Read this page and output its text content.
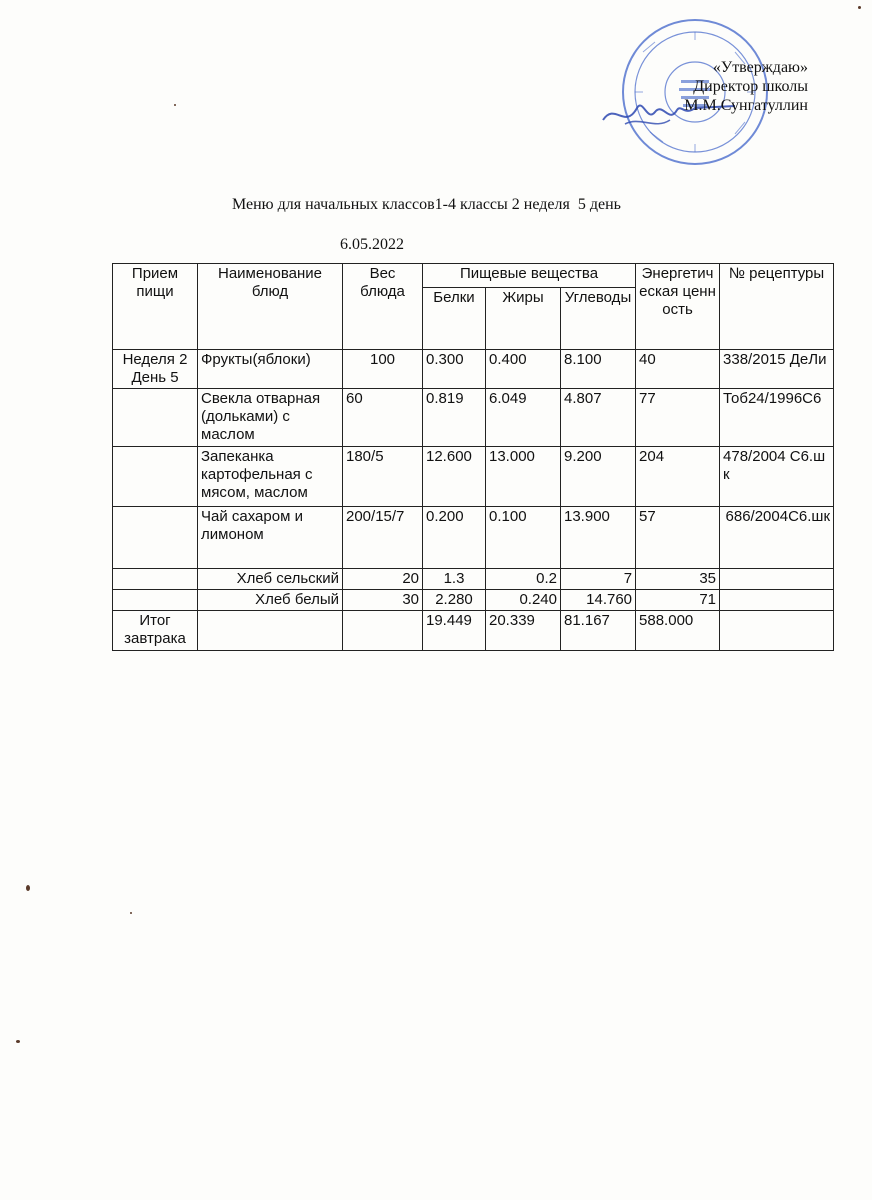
«Утверждаю»
Директор школы
М.М.Сунгатуллин
Меню для начальных классов1-4 классы 2 неделя  5 день
6.05.2022
Прием пищи	Наименование блюд	Вес блюда	Пищевые вещества			Энергетическая ценность	№ рецептуры
			Белки	Жиры	Углеводы		
Неделя 2 День 5	Фрукты(яблоки)	100	0.300	0.400	8.100	40	338/2015 ДеЛи
	Свекла отварная (дольками) с маслом	60	0.819	6.049	4.807	77	Тоб24/1996С6
	Запеканка картофельная с мясом, маслом	180/5	12.600	13.000	9.200	204	478/2004 С6.шк
	Чай сахаром и лимоном	200/15/7	0.200	0.100	13.900	57	686/2004С6.шк
	Хлеб сельский	20	1.3	0.2	7	35	
	Хлеб белый	30	2.280	0.240	14.760	71	
Итог завтрака			19.449	20.339	81.167	588.000	
